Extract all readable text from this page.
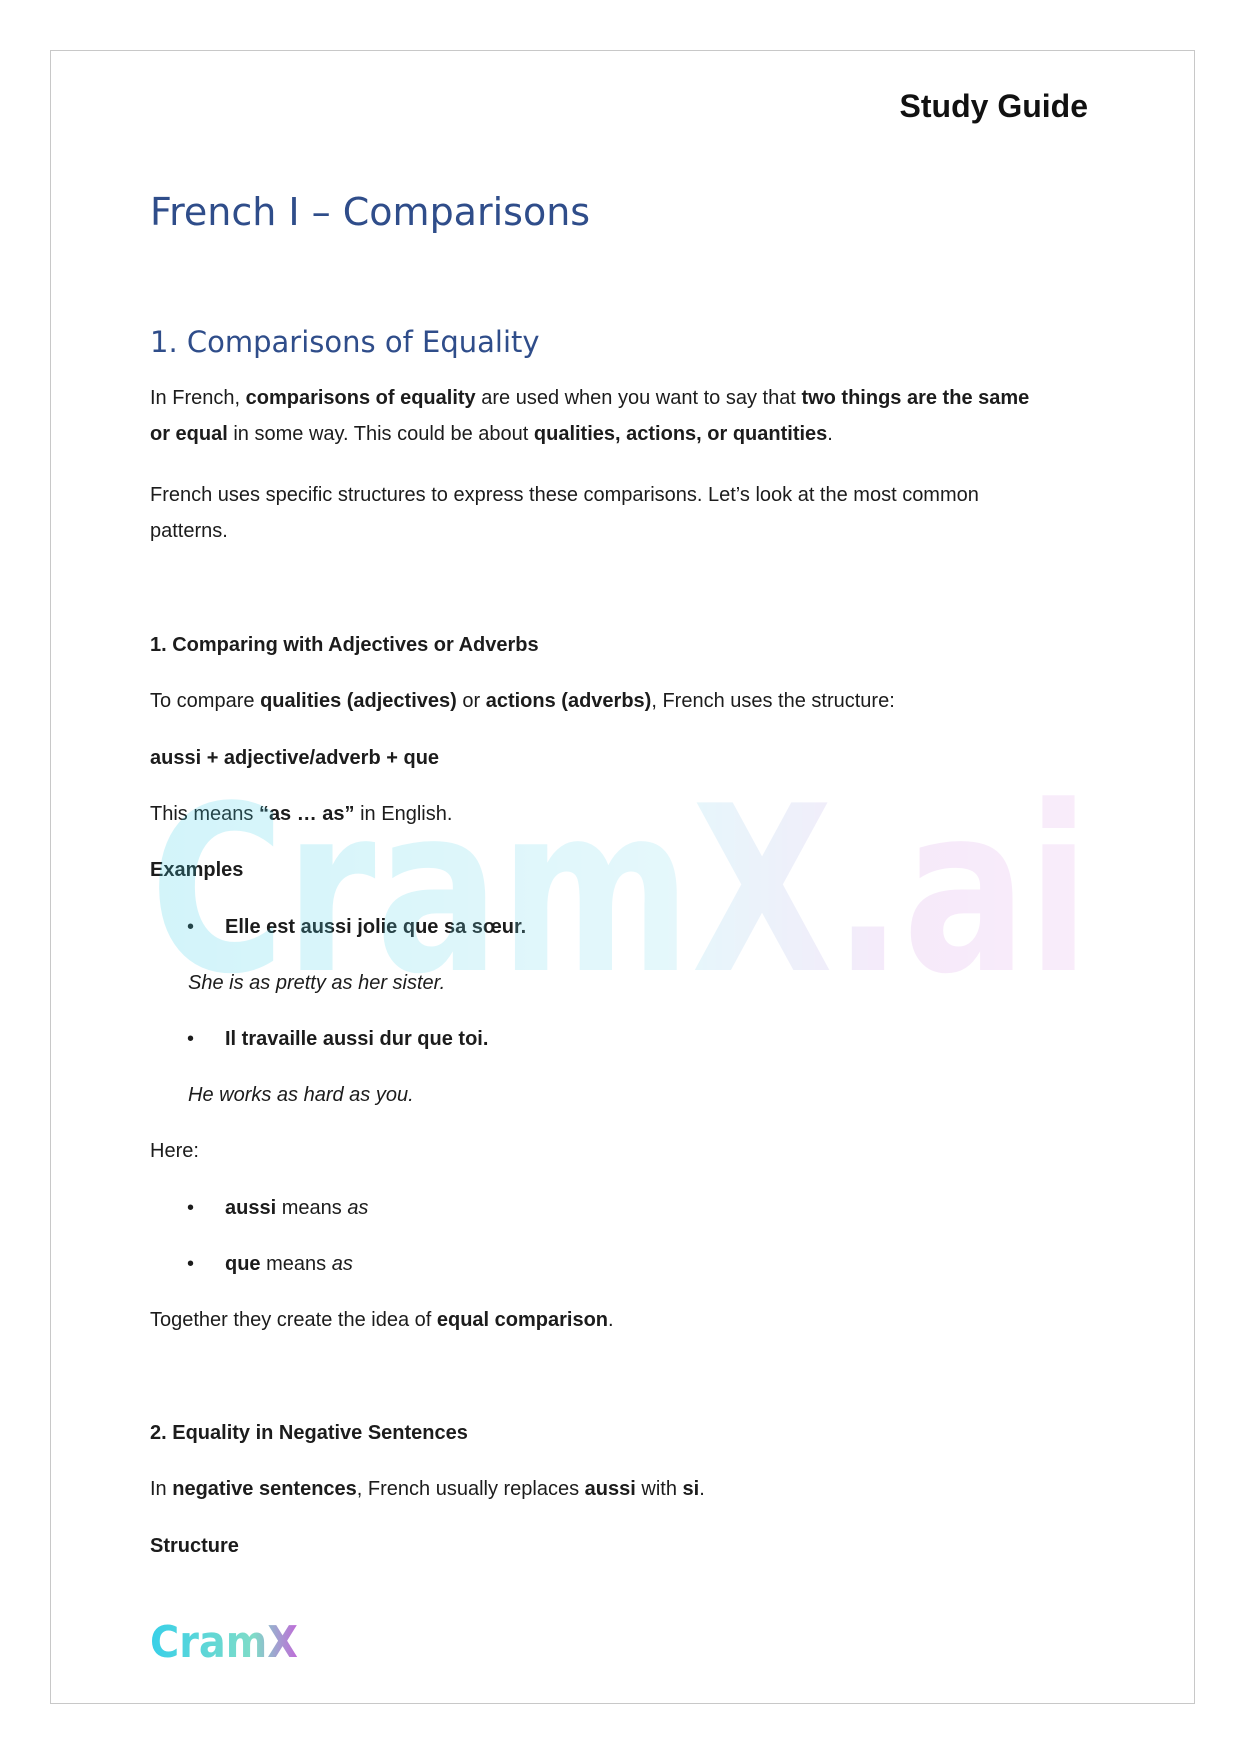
Study Guide
French I – Comparisons
1. Comparisons of Equality
In French, comparisons of equality are used when you want to say that two things are the same
or equal in some way. This could be about qualities, actions, or quantities.
French uses specific structures to express these comparisons. Let’s look at the most common
patterns.
1. Comparing with Adjectives or Adverbs
To compare qualities (adjectives) or actions (adverbs), French uses the structure:
aussi + adjective/adverb + que
This means “as … as” in English.
Examples
• Elle est aussi jolie que sa sœur.
She is as pretty as her sister.
• Il travaille aussi dur que toi.
He works as hard as you.
Here:
• aussi means as
• que means as
Together they create the idea of equal comparison.
2. Equality in Negative Sentences
In negative sentences, French usually replaces aussi with si.
Structure
CramX.ai
CramX
